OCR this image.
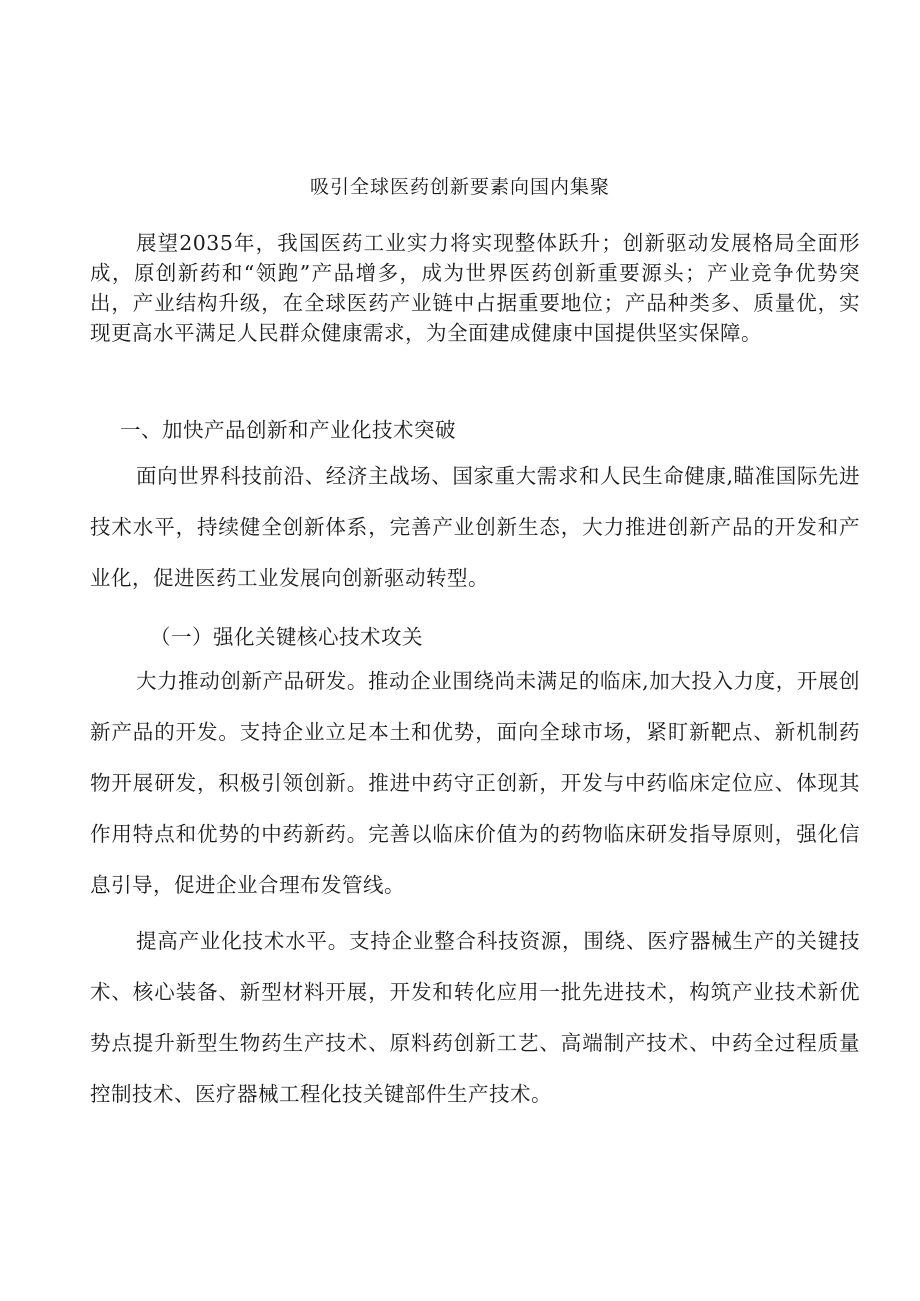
吸引全球医药创新要素向国内集聚

展望2035年，我国医药工业实力将实现整体跃升；创新驱动发展格局全面形成，原创新药和“领跑”产品增多，成为世界医药创新重要源头；产业竞争优势突出，产业结构升级，在全球医药产业链中占据重要地位；产品种类多、质量优，实现更高水平满足人民群众健康需求，为全面建成健康中国提供坚实保障。

一、加快产品创新和产业化技术突破

面向世界科技前沿、经济主战场、国家重大需求和人民生命健康,瞄准国际先进技术水平，持续健全创新体系，完善产业创新生态，大力推进创新产品的开发和产业化，促进医药工业发展向创新驱动转型。

（一）强化关键核心技术攻关

大力推动创新产品研发。推动企业围绕尚未满足的临床,加大投入力度，开展创新产品的开发。支持企业立足本土和优势，面向全球市场，紧盯新靶点、新机制药物开展研发，积极引领创新。推进中药守正创新，开发与中药临床定位应、体现其作用特点和优势的中药新药。完善以临床价值为的药物临床研发指导原则，强化信息引导，促进企业合理布发管线。

提高产业化技术水平。支持企业整合科技资源，围绕、医疗器械生产的关键技术、核心装备、新型材料开展，开发和转化应用一批先进技术，构筑产业技术新优势点提升新型生物药生产技术、原料药创新工艺、高端制产技术、中药全过程质量控制技术、医疗器械工程化技关键部件生产技术。
